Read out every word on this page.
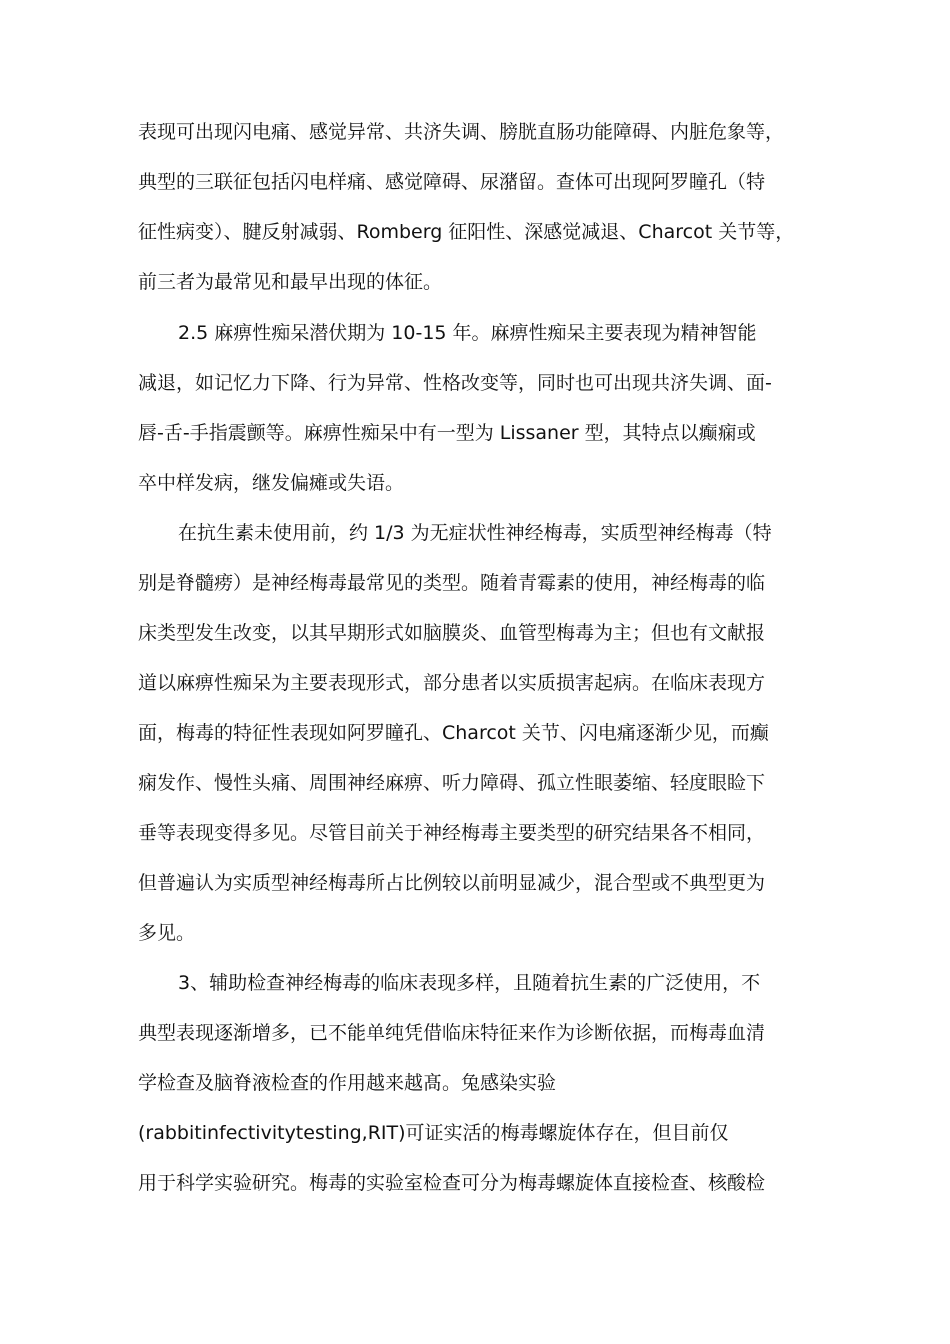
表现可出现闪电痛、感觉异常、共济失调、膀胱直肠功能障碍、内脏危象等，
典型的三联征包括闪电样痛、感觉障碍、尿潴留。查体可出现阿罗瞳孔（特
征性病变）、腱反射减弱、Romberg 征阳性、深感觉减退、Charcot 关节等，
前三者为最常见和最早出现的体征。

2.5 麻痹性痴呆潜伏期为 10-15 年。麻痹性痴呆主要表现为精神智能
减退，如记忆力下降、行为异常、性格改变等，同时也可出现共济失调、面-
唇-舌-手指震颤等。麻痹性痴呆中有一型为 Lissaner 型，其特点以癫痫或
卒中样发病，继发偏瘫或失语。

在抗生素未使用前，约 1/3 为无症状性神经梅毒，实质型神经梅毒（特
别是脊髓痨）是神经梅毒最常见的类型。随着青霉素的使用，神经梅毒的临
床类型发生改变，以其早期形式如脑膜炎、血管型梅毒为主；但也有文献报
道以麻痹性痴呆为主要表现形式，部分患者以实质损害起病。在临床表现方
面，梅毒的特征性表现如阿罗瞳孔、Charcot 关节、闪电痛逐渐少见，而癫
痫发作、慢性头痛、周围神经麻痹、听力障碍、孤立性眼萎缩、轻度眼睑下
垂等表现变得多见。尽管目前关于神经梅毒主要类型的研究结果各不相同，
但普遍认为实质型神经梅毒所占比例较以前明显减少，混合型或不典型更为
多见。

3、辅助检查神经梅毒的临床表现多样，且随着抗生素的广泛使用，不
典型表现逐渐增多，已不能单纯凭借临床特征来作为诊断依据，而梅毒血清
学检查及脑脊液检查的作用越来越髙。兔感染实验
(rabbitinfectivitytesting,RIT)可证实活的梅毒螺旋体存在，但目前仅
用于科学实验研究。梅毒的实验室检查可分为梅毒螺旋体直接检查、核酸检
